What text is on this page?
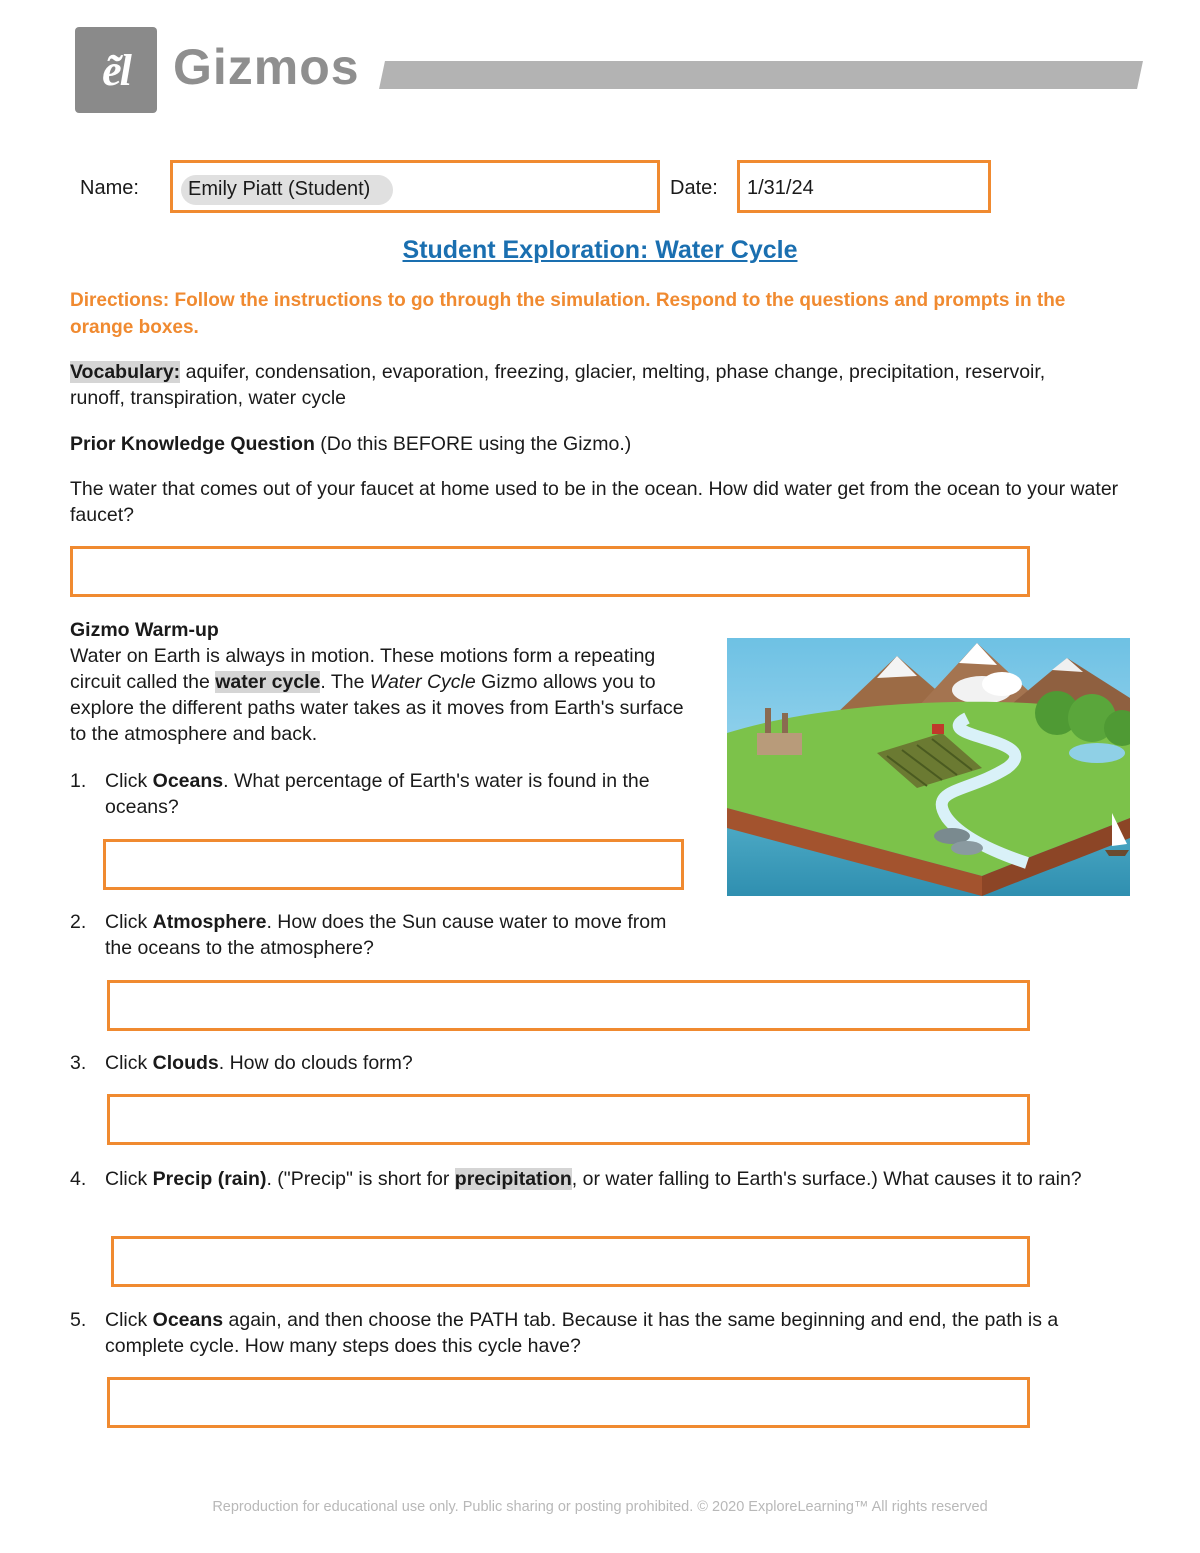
ẽl Gizmos
Name: Emily Piatt (Student)	Date: 1/31/24
Student Exploration: Water Cycle
Directions: Follow the instructions to go through the simulation. Respond to the questions and prompts in the orange boxes.
Vocabulary: aquifer, condensation, evaporation, freezing, glacier, melting, phase change, precipitation, reservoir, runoff, transpiration, water cycle
Prior Knowledge Question (Do this BEFORE using the Gizmo.)
The water that comes out of your faucet at home used to be in the ocean. How did water get from the ocean to your water faucet?
Gizmo Warm-up
Water on Earth is always in motion. These motions form a repeating circuit called the water cycle. The Water Cycle Gizmo allows you to explore the different paths water takes as it moves from Earth's surface to the atmosphere and back.
1. Click Oceans. What percentage of Earth's water is found in the oceans?
2. Click Atmosphere. How does the Sun cause water to move from the oceans to the atmosphere?
3. Click Clouds. How do clouds form?
4. Click Precip (rain). ("Precip" is short for precipitation, or water falling to Earth's surface.) What causes it to rain?
5. Click Oceans again, and then choose the PATH tab. Because it has the same beginning and end, the path is a complete cycle. How many steps does this cycle have?
Reproduction for educational use only. Public sharing or posting prohibited. © 2020 ExploreLearning™ All rights reserved
